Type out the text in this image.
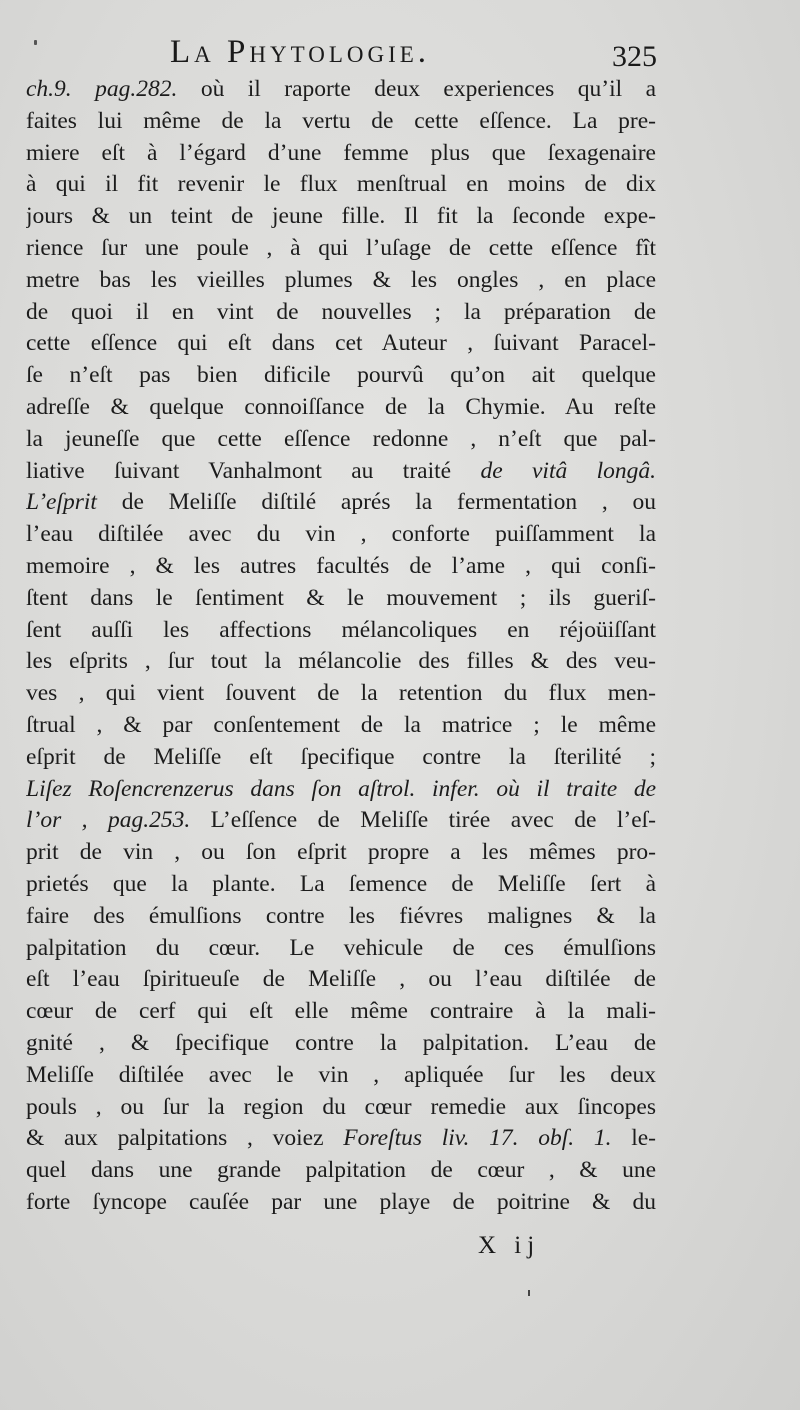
La Phytologie.	325
ch.9. pag.282. où il raporte deux experiences qu’il a
faites lui même de la vertu de cette eſſence. La pre-
miere eſt à l’égard d’une femme plus que ſexagenaire
à qui il fit revenir le flux menſtrual en moins de dix
jours & un teint de jeune fille. Il fit la ſeconde expe-
rience ſur une poule , à qui l’uſage de cette eſſence fît
metre bas les vieilles plumes & les ongles , en place
de quoi il en vint de nouvelles ; la préparation de
cette eſſence qui eſt dans cet Auteur , ſuivant Paracel-
ſe n’eſt pas bien dificile pourvû qu’on ait quelque
adreſſe & quelque connoiſſance de la Chymie. Au reſte
la jeuneſſe que cette eſſence redonne , n’eſt que pal-
liative ſuivant Vanhalmont au traité de vitâ longâ.
L’eſprit de Meliſſe diſtilé aprés la fermentation , ou
l’eau diſtilée avec du vin , conforte puiſſamment la
memoire , & les autres facultés de l’ame , qui conſi-
ſtent dans le ſentiment & le mouvement ; ils gueriſ-
ſent auſſi les affections mélancoliques en réjoüiſſant
les eſprits , ſur tout la mélancolie des filles & des veu-
ves , qui vient ſouvent de la retention du flux men-
ſtrual , & par conſentement de la matrice ; le même
eſprit de Meliſſe eſt ſpecifique contre la ſterilité ;
Liſez Roſencrenzerus dans ſon aſtrol. infer. où il traite de
l’or , pag.253. L’eſſence de Meliſſe tirée avec de l’eſ-
prit de vin , ou ſon eſprit propre a les mêmes pro-
prietés que la plante. La ſemence de Meliſſe ſert à
faire des émulſions contre les fiévres malignes & la
palpitation du cœur. Le vehicule de ces émulſions
eſt l’eau ſpiritueuſe de Meliſſe , ou l’eau diſtilée de
cœur de cerf qui eſt elle même contraire à la mali-
gnité , & ſpecifique contre la palpitation. L’eau de
Meliſſe diſtilée avec le vin , apliquée ſur les deux
pouls , ou ſur la region du cœur remedie aux ſincopes
& aux palpitations , voiez Foreſtus liv. 17. obſ. 1. le-
quel dans une grande palpitation de cœur , & une
forte ſyncope cauſée par une playe de poitrine & du
X ij
